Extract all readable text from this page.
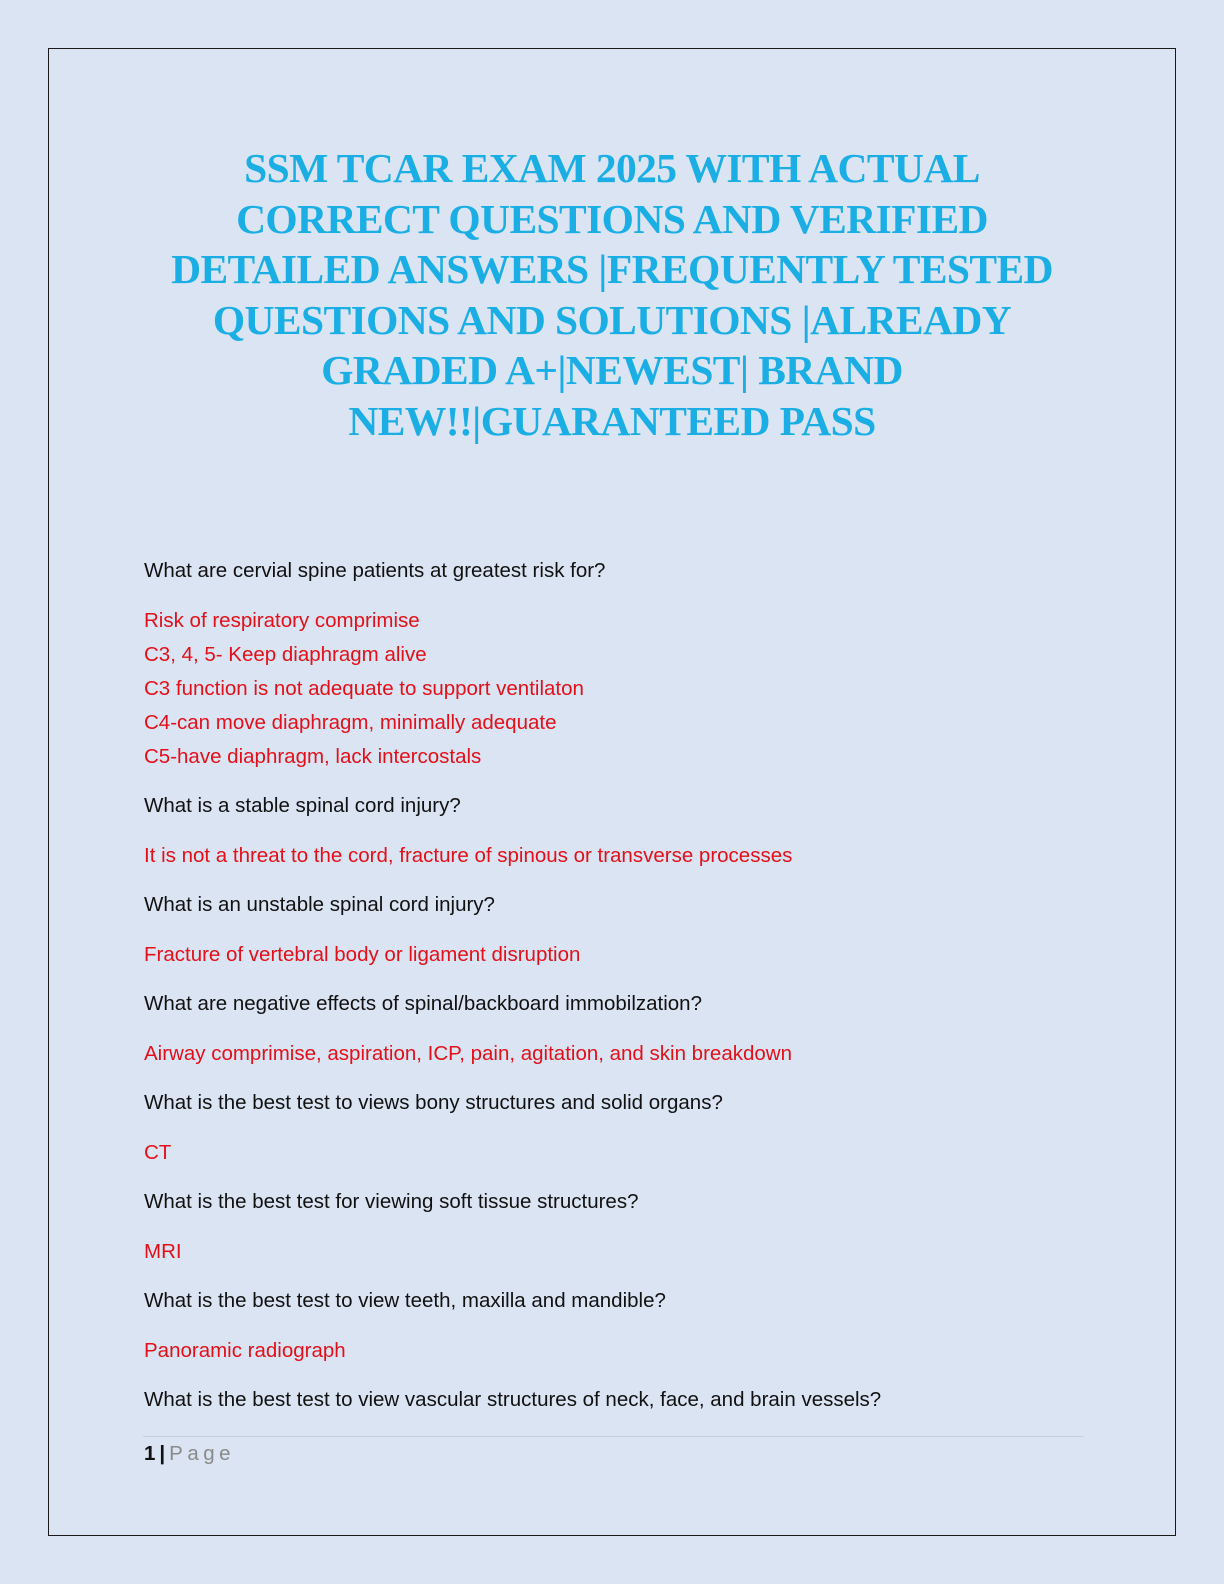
SSM TCAR EXAM 2025 WITH ACTUAL
CORRECT QUESTIONS AND VERIFIED
DETAILED ANSWERS |FREQUENTLY TESTED
QUESTIONS AND SOLUTIONS |ALREADY
GRADED A+|NEWEST| BRAND
NEW!!|GUARANTEED PASS

What are cervial spine patients at greatest risk for?

Risk of respiratory comprimise
C3, 4, 5- Keep diaphragm alive
C3 function is not adequate to support ventilaton
C4-can move diaphragm, minimally adequate
C5-have diaphragm, lack intercostals

What is a stable spinal cord injury?

It is not a threat to the cord, fracture of spinous or transverse processes

What is an unstable spinal cord injury?

Fracture of vertebral body or ligament disruption

What are negative effects of spinal/backboard immobilzation?

Airway comprimise, aspiration, ICP, pain, agitation, and skin breakdown

What is the best test to views bony structures and solid organs?

CT

What is the best test for viewing soft tissue structures?

MRI

What is the best test to view teeth, maxilla and mandible?

Panoramic radiograph

What is the best test to view vascular structures of neck, face, and brain vessels?

1 | Page
